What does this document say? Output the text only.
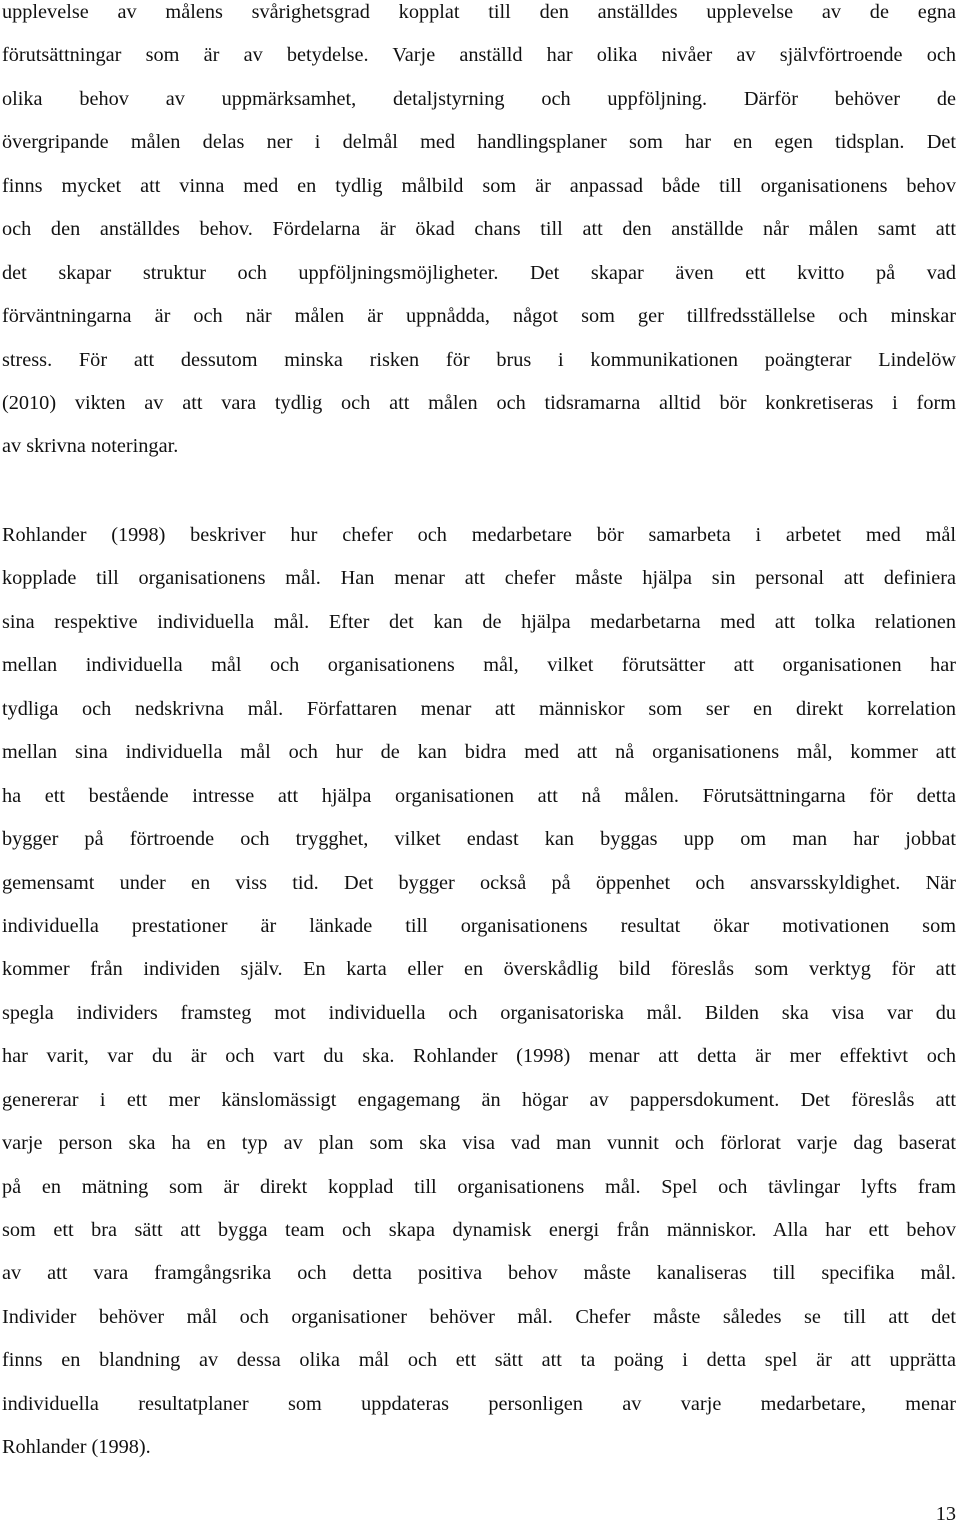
upplevelse av målens svårighetsgrad kopplat till den anställdes upplevelse av de egna
förutsättningar som är av betydelse. Varje anställd har olika nivåer av självförtroende och
olika behov av uppmärksamhet, detaljstyrning och uppföljning. Därför behöver de
övergripande målen delas ner i delmål med handlingsplaner som har en egen tidsplan. Det
finns mycket att vinna med en tydlig målbild som är anpassad både till organisationens behov
och den anställdes behov. Fördelarna är ökad chans till att den anställde når målen samt att
det skapar struktur och uppföljningsmöjligheter. Det skapar även ett kvitto på vad
förväntningarna är och när målen är uppnådda, något som ger tillfredsställelse och minskar
stress. För att dessutom minska risken för brus i kommunikationen poängterar Lindelöw
(2010) vikten av att vara tydlig och att målen och tidsramarna alltid bör konkretiseras i form
av skrivna noteringar.
Rohlander (1998) beskriver hur chefer och medarbetare bör samarbeta i arbetet med mål
kopplade till organisationens mål. Han menar att chefer måste hjälpa sin personal att definiera
sina respektive individuella mål. Efter det kan de hjälpa medarbetarna med att tolka relationen
mellan individuella mål och organisationens mål, vilket förutsätter att organisationen har
tydliga och nedskrivna mål. Författaren menar att människor som ser en direkt korrelation
mellan sina individuella mål och hur de kan bidra med att nå organisationens mål, kommer att
ha ett bestående intresse att hjälpa organisationen att nå målen. Förutsättningarna för detta
bygger på förtroende och trygghet, vilket endast kan byggas upp om man har jobbat
gemensamt under en viss tid. Det bygger också på öppenhet och ansvarsskyldighet. När
individuella prestationer är länkade till organisationens resultat ökar motivationen som
kommer från individen själv. En karta eller en överskådlig bild föreslås som verktyg för att
spegla individers framsteg mot individuella och organisatoriska mål. Bilden ska visa var du
har varit, var du är och vart du ska. Rohlander (1998) menar att detta är mer effektivt och
genererar i ett mer känslomässigt engagemang än högar av pappersdokument. Det föreslås att
varje person ska ha en typ av plan som ska visa vad man vunnit och förlorat varje dag baserat
på en mätning som är direkt kopplad till organisationens mål. Spel och tävlingar lyfts fram
som ett bra sätt att bygga team och skapa dynamisk energi från människor. Alla har ett behov
av att vara framgångsrika och detta positiva behov måste kanaliseras till specifika mål.
Individer behöver mål och organisationer behöver mål. Chefer måste således se till att det
finns en blandning av dessa olika mål och ett sätt att ta poäng i detta spel är att upprätta
individuella resultatplaner som uppdateras personligen av varje medarbetare, menar
Rohlander (1998).
13
